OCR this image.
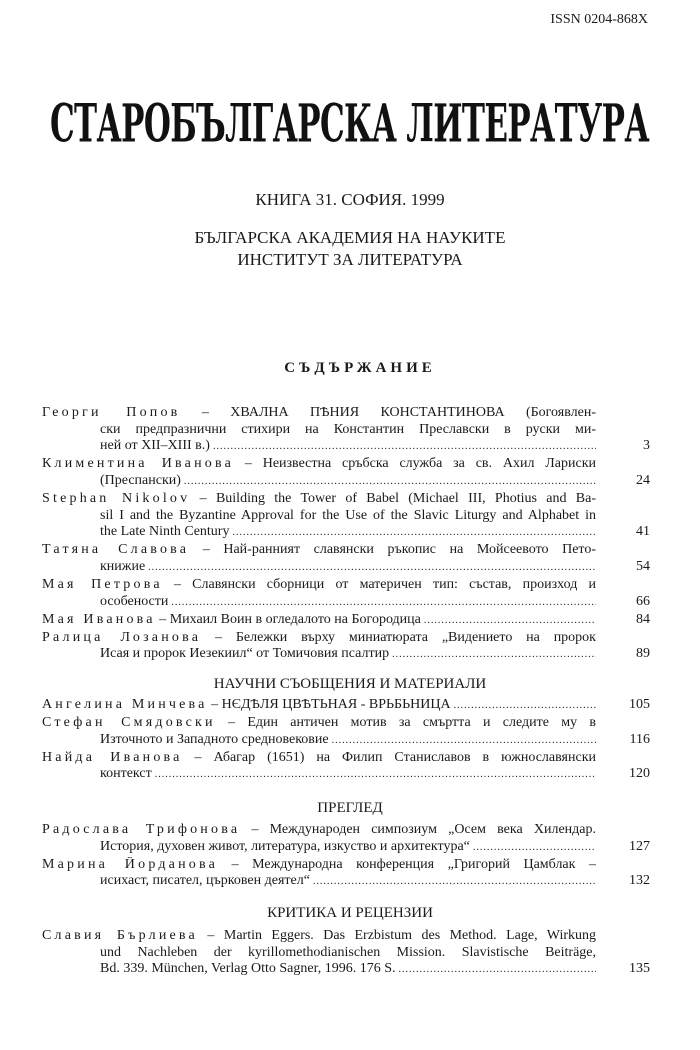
ISSN 0204-868X
СТАРОБЪЛГАРСКА ЛИТЕРАТУРА
КНИГА 31. СОФИЯ. 1999
БЪЛГАРСКА АКАДЕМИЯ НА НАУКИТЕ
ИНСТИТУТ ЗА ЛИТЕРАТУРА
СЪДЪРЖАНИЕ
Георги Попов – ХВАЛНА ПѢНИЯ КОНСТАНТИНОВА (Богоявлен-
ски предпразнични стихири на Константин Преславски в руски ми-
ней от XII–XIII в.) .....	3
Климентина Иванова – Неизвестна сръбска служба за св. Ахил Лариски
(Преспански) .....	24
Stephan Nikolov – Building the Tower of Babel (Michael III, Photius and Ba-
sil I and the Byzantine Approval for the Use of the Slavic Liturgy and Alphabet in
the Late Ninth Century .....	41
Татяна Славова – Най-ранният славянски ръкопис на Мойсеевото Пето-
книжие .....	54
Мая Петрова – Славянски сборници от материчен тип: състав, произход и
особености .....	66
Мая Иванова – Михаил Воин в огледалото на Богородица .....	84
Ралица Лозанова – Бележки върху миниатюрата „Видението на пророк
Исая и пророк Иезекиил“ от Томичовия псалтир .....	89
НАУЧНИ СЪОБЩЕНИЯ И МАТЕРИАЛИ
Ангелина Минчева – НЄДѢЛЯ ЦВѢТЬНАЯ - ВРЬБЬНИЦА .....	105
Стефан Смядовски – Един античен мотив за смъртта и следите му в
Източното и Западното средновековие .....	116
Найда Иванова – Абагар (1651) на Филип Станиславов в южнославянски
контекст .....	120
ПРЕГЛЕД
Радослава Трифонова – Международен симпозиум „Осем века Хилендар.
История, духовен живот, литература, изкуство и архитектура“ .....	127
Марина Йорданова – Международна конференция „Григорий Цамблак –
исихаст, писател, църковен деятел“ .....	132
КРИТИКА И РЕЦЕНЗИИ
Славия Бърлиева – Martin Eggers. Das Erzbistum des Method. Lage, Wirkung
und Nachleben der kyrillomethodianischen Mission. Slavistische Beiträge,
Bd. 339. München, Verlag Otto Sagner, 1996. 176 S. .....	135
